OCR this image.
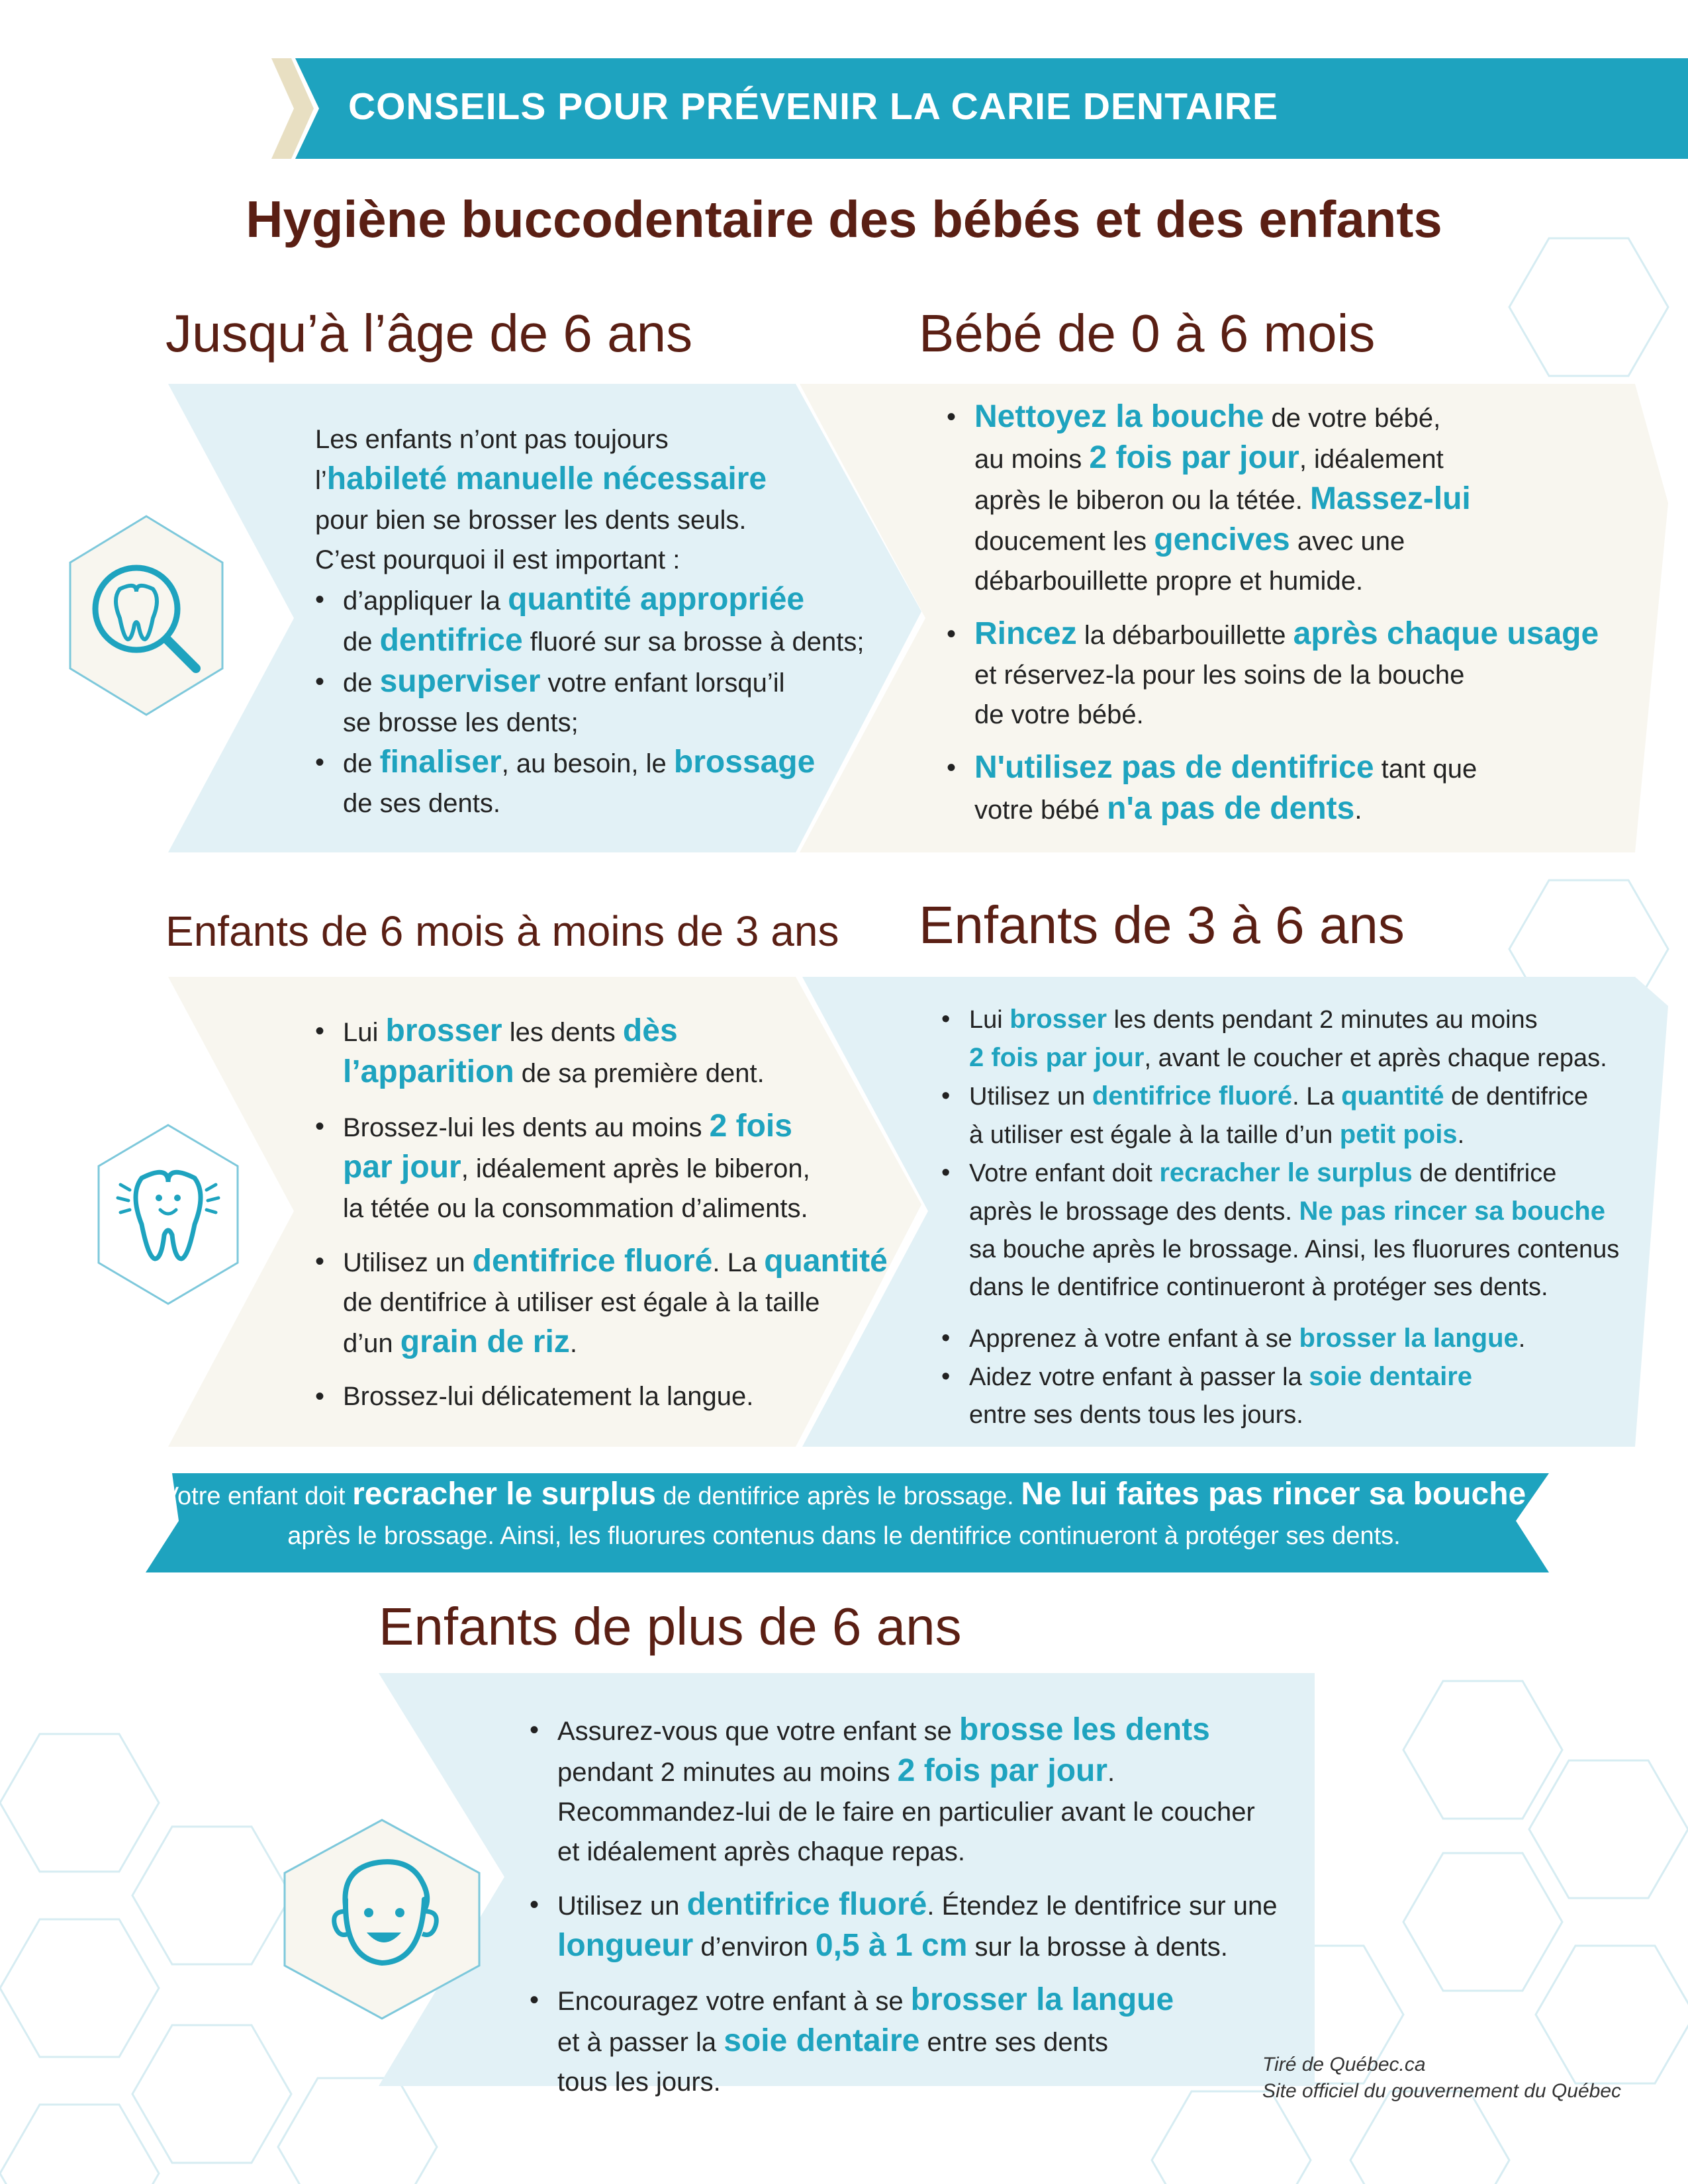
CONSEILS POUR PRÉVENIR LA CARIE DENTAIRE
Hygiène buccodentaire des bébés et des enfants
Jusqu’à l’âge de 6 ans
Les enfants n’ont pas toujours
l’habileté manuelle nécessaire
pour bien se brosser les dents seuls.
C’est pourquoi il est important :
• d’appliquer la quantité appropriée
de dentifrice fluoré sur sa brosse à dents;
• de superviser votre enfant lorsqu’il
se brosse les dents;
• de finaliser, au besoin, le brossage
de ses dents.
Bébé de 0 à 6 mois
• Nettoyez la bouche de votre bébé,
au moins 2 fois par jour, idéalement
après le biberon ou la tétée. Massez-lui
doucement les gencives avec une
débarbouillette propre et humide.
• Rincez la débarbouillette après chaque usage
et réservez-la pour les soins de la bouche
de votre bébé.
• N'utilisez pas de dentifrice tant que
votre bébé n'a pas de dents.
Enfants de 6 mois à moins de 3 ans
• Lui brosser les dents dès
l’apparition de sa première dent.
• Brossez-lui les dents au moins 2 fois
par jour, idéalement après le biberon,
la tétée ou la consommation d’aliments.
• Utilisez un dentifrice fluoré. La quantité
de dentifrice à utiliser est égale à la taille
d’un grain de riz.
• Brossez-lui délicatement la langue.
Enfants de 3 à 6 ans
• Lui brosser les dents pendant 2 minutes au moins
2 fois par jour, avant le coucher et après chaque repas.
• Utilisez un dentifrice fluoré. La quantité de dentifrice
à utiliser est égale à la taille d’un petit pois.
• Votre enfant doit recracher le surplus de dentifrice
après le brossage des dents. Ne pas rincer sa bouche
sa bouche après le brossage. Ainsi, les fluorures contenus
dans le dentifrice continueront à protéger ses dents.
• Apprenez à votre enfant à se brosser la langue.
• Aidez votre enfant à passer la soie dentaire
entre ses dents tous les jours.
Votre enfant doit recracher le surplus de dentifrice après le brossage. Ne lui faites pas rincer sa bouche
après le brossage. Ainsi, les fluorures contenus dans le dentifrice continueront à protéger ses dents.
Enfants de plus de 6 ans
• Assurez-vous que votre enfant se brosse les dents
pendant 2 minutes au moins 2 fois par jour.
Recommandez-lui de le faire en particulier avant le coucher
et idéalement après chaque repas.
• Utilisez un dentifrice fluoré. Étendez le dentifrice sur une
longueur d’environ 0,5 à 1 cm sur la brosse à dents.
• Encouragez votre enfant à se brosser la langue
et à passer la soie dentaire entre ses dents
tous les jours.
Tiré de Québec.ca
Site officiel du gouvernement du Québec
